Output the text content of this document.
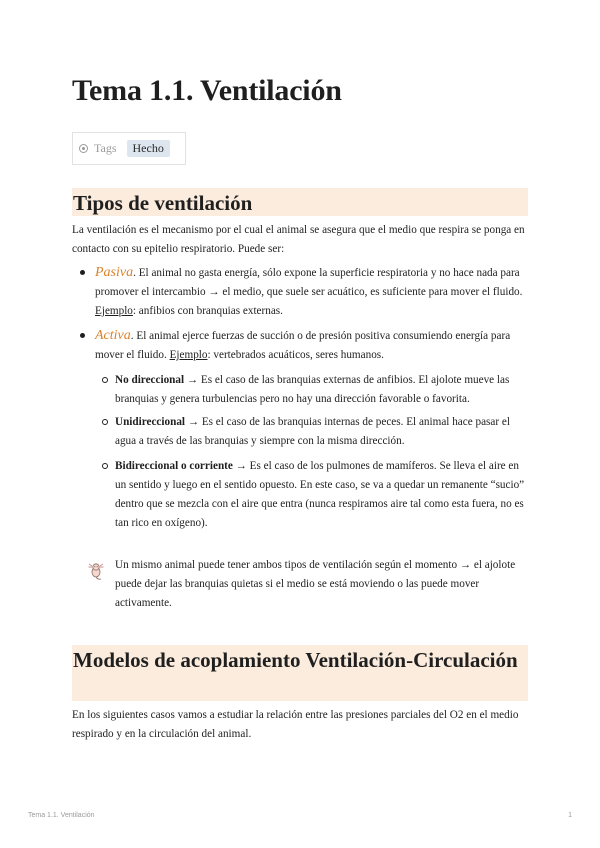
Tema 1.1. Ventilación
Tags	Hecho
Tipos de ventilación

La ventilación es el mecanismo por el cual el animal se asegura que el medio que respira se ponga en contacto con su epitelio respiratorio. Puede ser:

Pasiva. El animal no gasta energía, sólo expone la superficie respiratoria y no hace nada para promover el intercambio → el medio, que suele ser acuático, es suficiente para mover el fluido. Ejemplo: anfibios con branquias externas.
Activa. El animal ejerce fuerzas de succión o de presión positiva consumiendo energía para mover el fluido. Ejemplo: vertebrados acuáticos, seres humanos.
No direccional → Es el caso de las branquias externas de anfibios. El ajolote mueve las branquias y genera turbulencias pero no hay una dirección favorable o favorita.
Unidireccional → Es el caso de las branquias internas de peces. El animal hace pasar el agua a través de las branquias y siempre con la misma dirección.
Bidireccional o corriente → Es el caso de los pulmones de mamíferos. Se lleva el aire en un sentido y luego en el sentido opuesto. En este caso, se va a quedar un remanente “sucio” dentro que se mezcla con el aire que entra (nunca respiramos aire tal como esta fuera, no es tan rico en oxígeno).
Un mismo animal puede tener ambos tipos de ventilación según el momento → el ajolote puede dejar las branquias quietas si el medio se está moviendo o las puede mover activamente.
Modelos de acoplamiento Ventilación-Circulación

En los siguientes casos vamos a estudiar la relación entre las presiones parciales del O2 en el medio respirado y en la circulación del animal.

Tema 1.1. Ventilación	1
